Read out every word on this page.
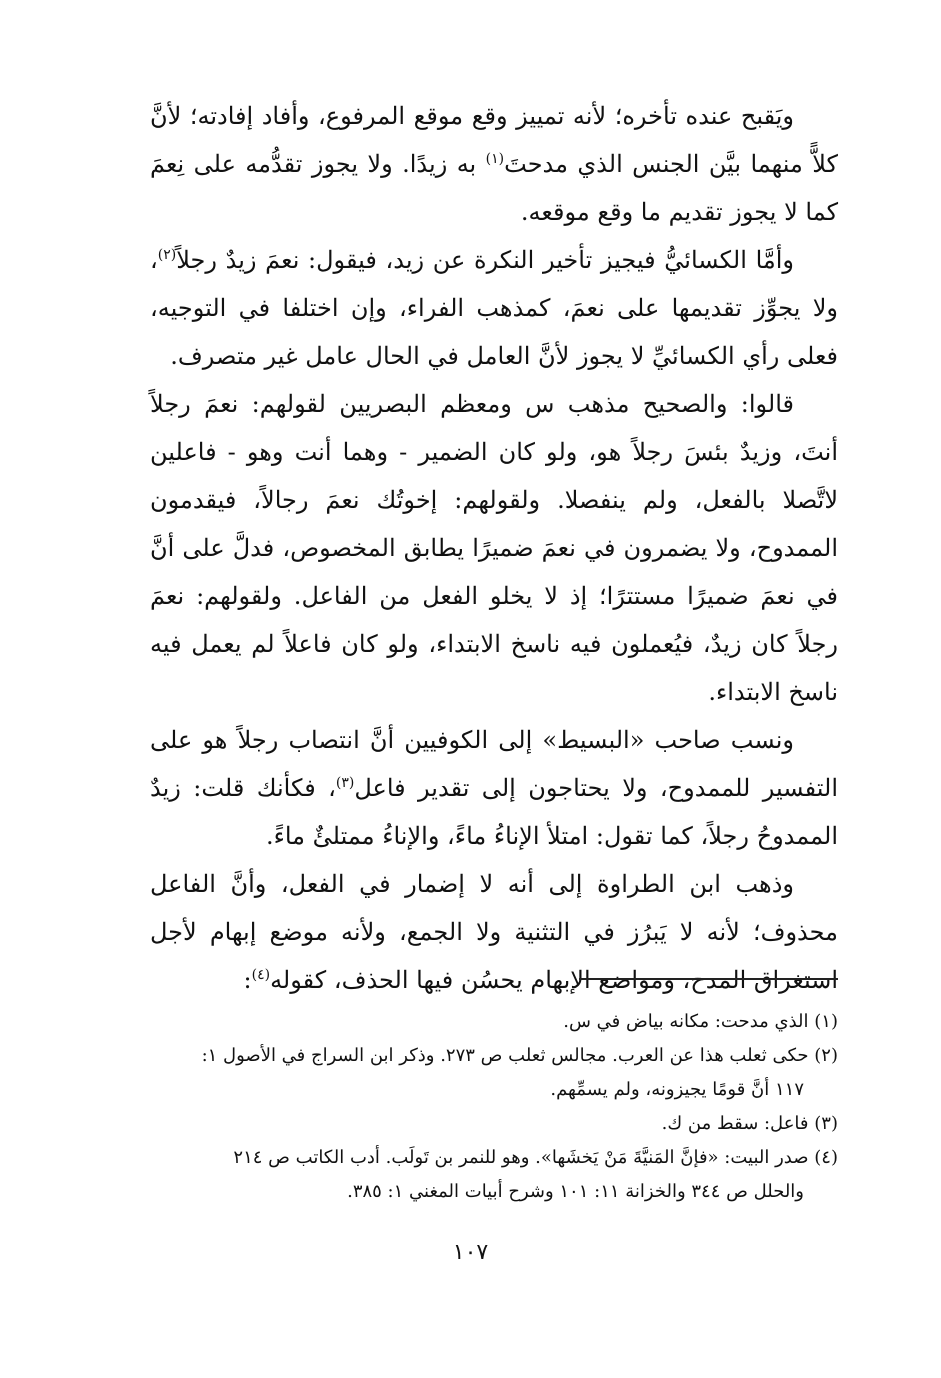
ويَقبح عنده تأخره؛ لأنه تمييز وقع موقع المرفوع، وأفاد إفادته؛ لأنَّ كلاًّ منهما بيَّن الجنس الذي مدحتَ$^{(١)}$ به زيدًا. ولا يجوز تقدُّمه على نِعمَ كما لا يجوز تقديم ما وقع موقعه.

وأمَّا الكسائيُّ فيجيز تأخير النكرة عن زيد، فيقول: نعمَ زيدٌ رجلاً$^{(٢)}$، ولا يجوِّز تقديمها على نعمَ، كمذهب الفراء، وإن اختلفا في التوجيه، فعلى رأي الكسائيِّ لا يجوز لأنَّ العامل في الحال عامل غير متصرف.

قالوا: والصحيح مذهب س ومعظم البصريين لقولهم: نعمَ رجلاً أنتَ، وزيدٌ بئسَ رجلاً هو، ولو كان الضمير - وهما أنت وهو - فاعلين لاتَّصلا بالفعل، ولم ينفصلا. ولقولهم: إخوتُك نعمَ رجالاً، فيقدمون الممدوح، ولا يضمرون في نعمَ ضميرًا يطابق المخصوص، فدلَّ على أنَّ في نعمَ ضميرًا مستترًا؛ إذ لا يخلو الفعل من الفاعل. ولقولهم: نعمَ رجلاً كان زيدٌ، فيُعملون فيه ناسخ الابتداء، ولو كان فاعلاً لم يعمل فيه ناسخ الابتداء.

ونسب صاحب «البسيط» إلى الكوفيين أنَّ انتصاب رجلاً هو على التفسير للممدوح، ولا يحتاجون إلى تقدير فاعل$^{(٣)}$، فكأنك قلت: زيدٌ الممدوحُ رجلاً، كما تقول: امتلأ الإناءُ ماءً، والإناءُ ممتلئٌ ماءً.

وذهب ابن الطراوة إلى أنه لا إضمار في الفعل، وأنَّ الفاعل محذوف؛ لأنه لا يَبرُز في التثنية ولا الجمع، ولأنه موضع إبهام لأجل استغراق المدح، ومواضع الإبهام يحسُن فيها الحذف، كقوله$^{(٤)}$:

(١) الذي مدحت: مكانه بياض في س.

(٢) حكى ثعلب هذا عن العرب. مجالس ثعلب ص ٢٧٣. وذكر ابن السراج في الأصول ١:
١١٧ أنَّ قومًا يجيزونه، ولم يسمِّهم.

(٣) فاعل: سقط من ك.

(٤) صدر البيت: «فإنَّ المَنيَّةَ مَنْ يَخشَها». وهو للنمر بن تَولَب. أدب الكاتب ص ٢١٤
والحلل ص ٣٤٤ والخزانة ١١: ١٠١ وشرح أبيات المغني ١: ٣٨٥.

١٠٧
